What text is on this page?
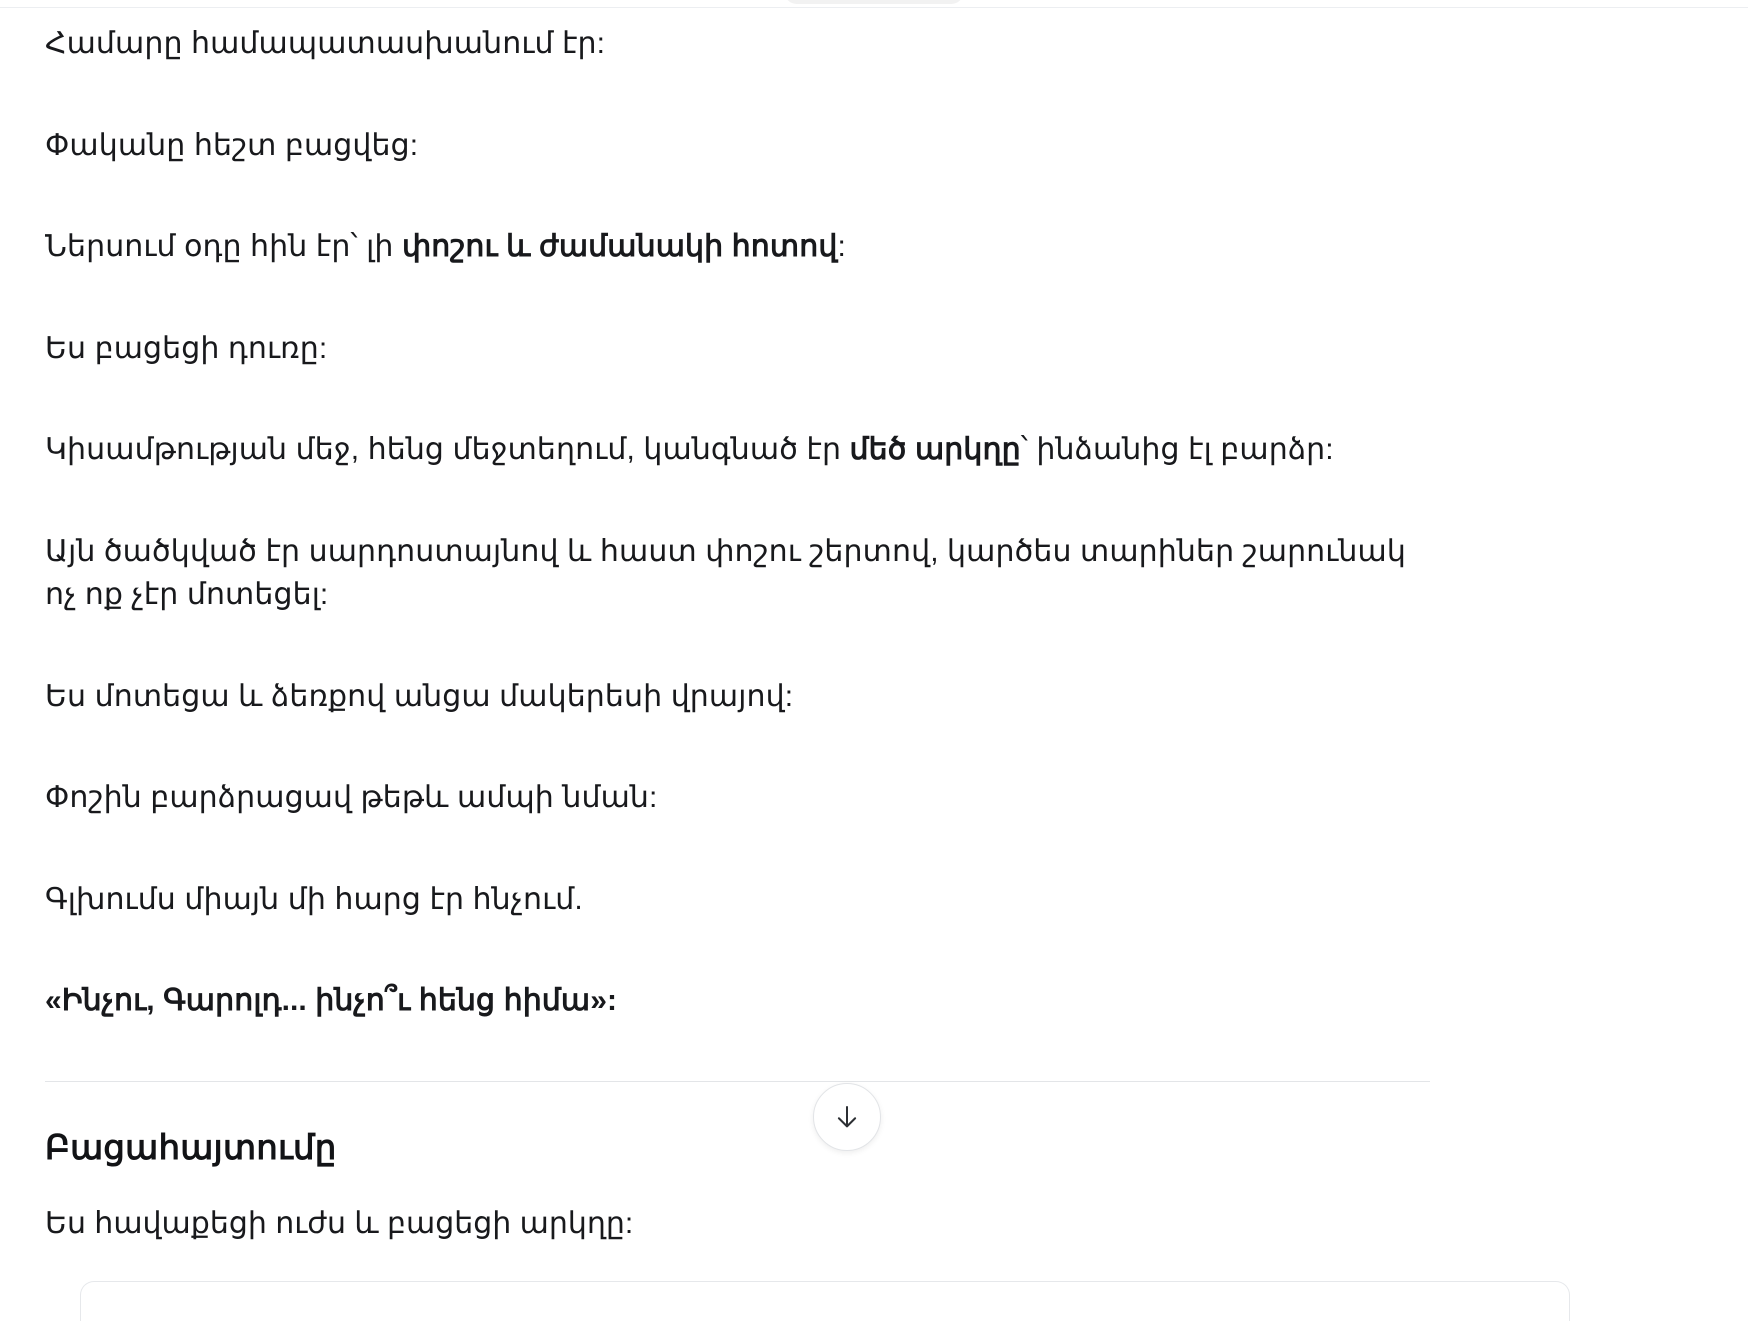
Համարը համապատասխանում էր:

Փականը հեշտ բացվեց:

Ներսում օդը հին էր՝ լի փոշու և ժամանակի հոտով:

Ես բացեցի դուռը:

Կիսամթության մեջ, հենց մեջտեղում, կանգնած էր մեծ արկղը՝ ինձանից էլ բարձր:

Այն ծածկված էր սարդոստայնով և հաստ փոշու շերտով, կարծես տարիներ շարունակ ոչ ոք չէր մոտեցել:

Ես մոտեցա և ձեռքով անցա մակերեսի վրայով:

Փոշին բարձրացավ թեթև ամպի նման:

Գլխումս միայն մի հարց էր հնչում.

«Ինչու, Գարոլդ... ինչո՞ւ հենց հիմա»:

Բացահայտումը

Ես հավաքեցի ուժս և բացեցի արկղը:
